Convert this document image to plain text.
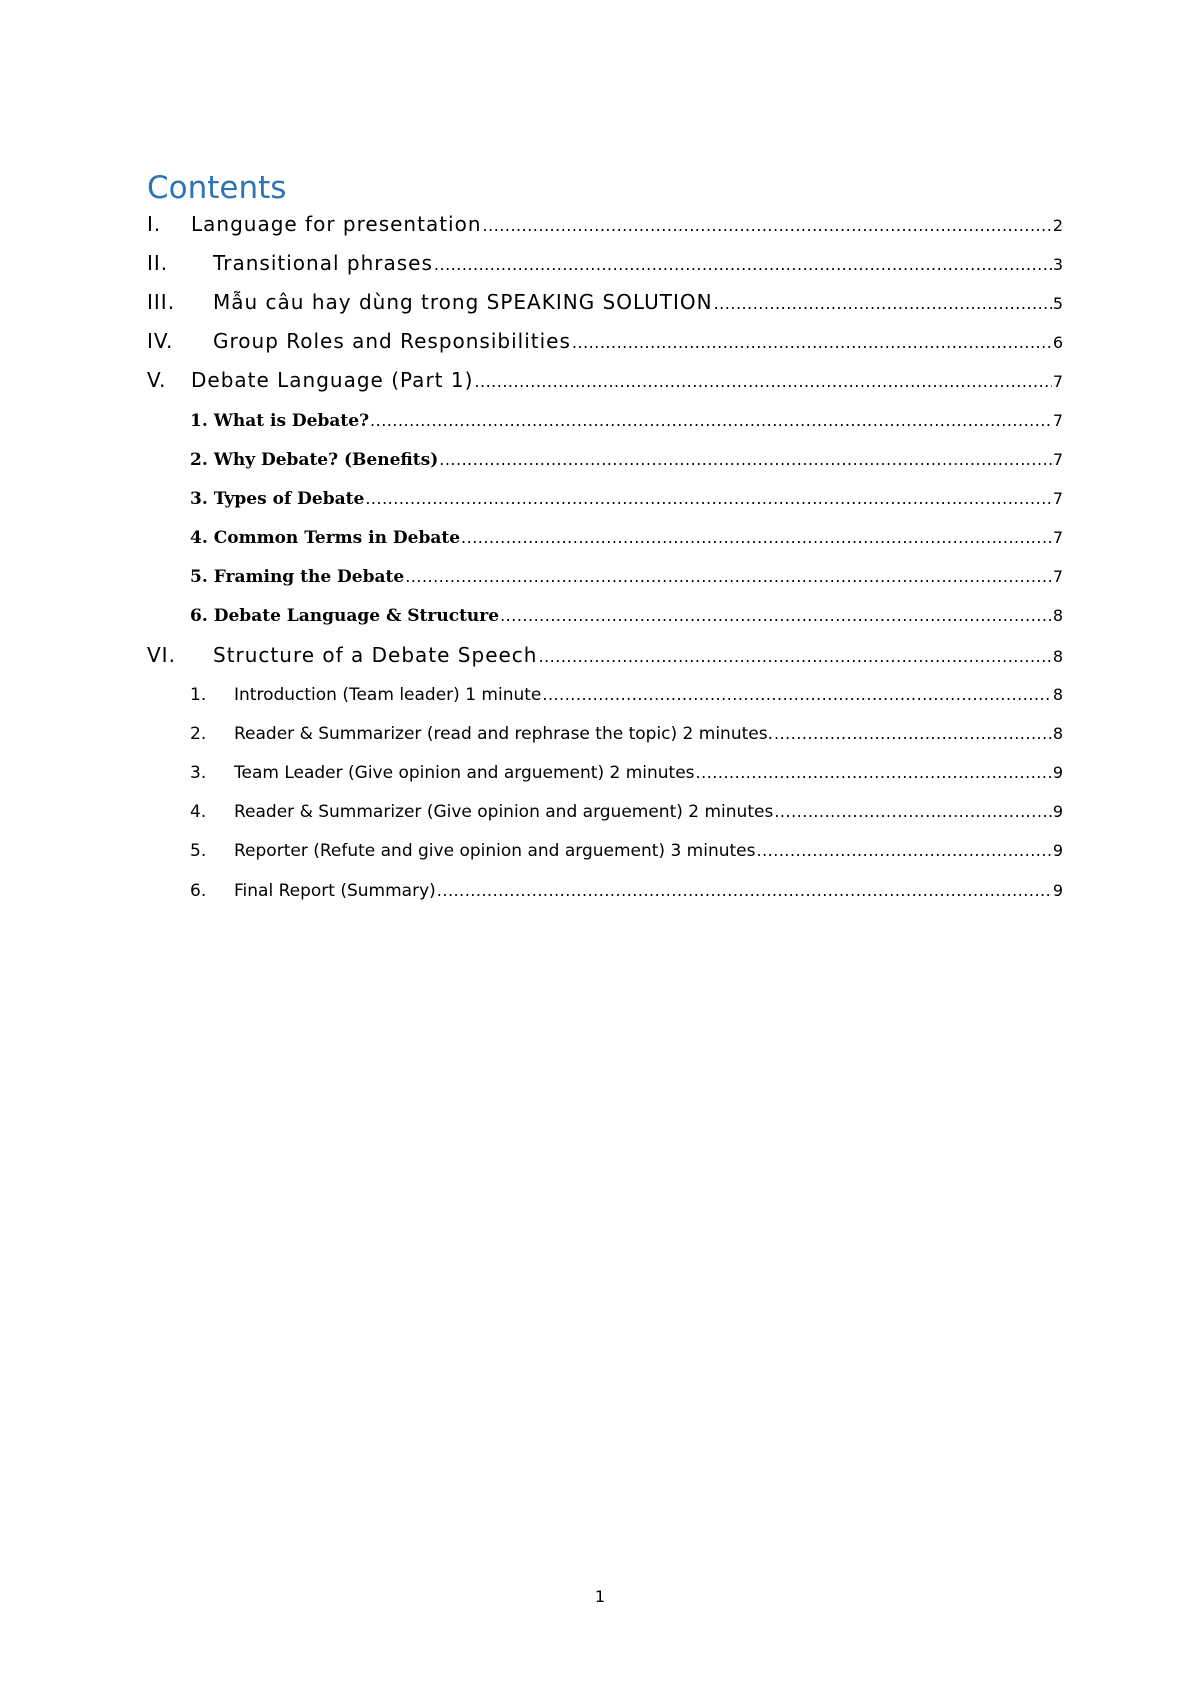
Contents
I.	Language for presentation .....	2
II.	Transitional phrases .....	3
III.	Mẫu câu hay dùng trong SPEAKING SOLUTION .....	5
IV.	Group Roles and Responsibilities .....	6
V.	Debate Language (Part 1) .....	7
1. What is Debate? .....	7
2. Why Debate? (Benefits) .....	7
3. Types of Debate .....	7
4. Common Terms in Debate .....	7
5. Framing the Debate .....	7
6. Debate Language & Structure .....	8
VI.	Structure of a Debate Speech .....	8
1.	Introduction (Team leader) 1 minute .....	8
2.	Reader & Summarizer (read and rephrase the topic) 2 minutes. .....	8
3.	Team Leader (Give opinion and arguement) 2 minutes .....	9
4.	Reader & Summarizer (Give opinion and arguement) 2 minutes .....	9
5.	Reporter (Refute and give opinion and arguement) 3 minutes .....	9
6.	Final Report (Summary) .....	9
1
